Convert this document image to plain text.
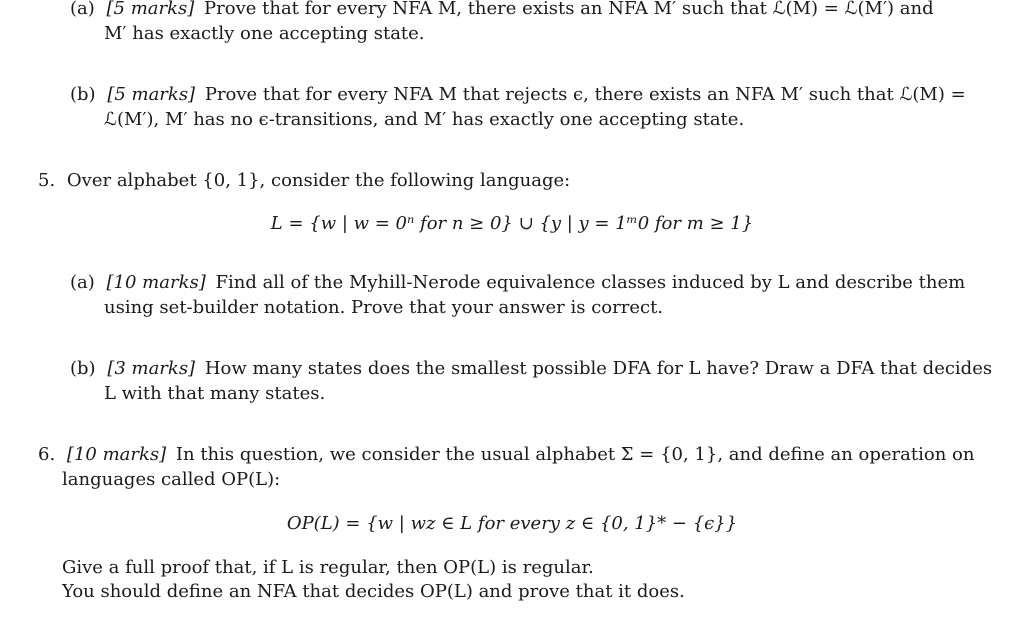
(a) [5 marks] Prove that for every NFA M, there exists an NFA M′ such that ℒ(M) = ℒ(M′) and
M′ has exactly one accepting state.
(b) [5 marks] Prove that for every NFA M that rejects ϵ, there exists an NFA M′ such that ℒ(M) =
ℒ(M′), M′ has no ϵ-transitions, and M′ has exactly one accepting state.
5. Over alphabet {0, 1}, consider the following language:
L = {w | w = 0ⁿ for n ≥ 0} ∪ {y | y = 1ᵐ0 for m ≥ 1}
(a) [10 marks] Find all of the Myhill-Nerode equivalence classes induced by L and describe them
using set-builder notation. Prove that your answer is correct.
(b) [3 marks] How many states does the smallest possible DFA for L have? Draw a DFA that decides
L with that many states.
6. [10 marks] In this question, we consider the usual alphabet Σ = {0, 1}, and define an operation on
languages called OP(L):
OP(L) = {w | wz ∈ L for every z ∈ {0, 1}* − {ϵ}}
Give a full proof that, if L is regular, then OP(L) is regular.
You should define an NFA that decides OP(L) and prove that it does.
